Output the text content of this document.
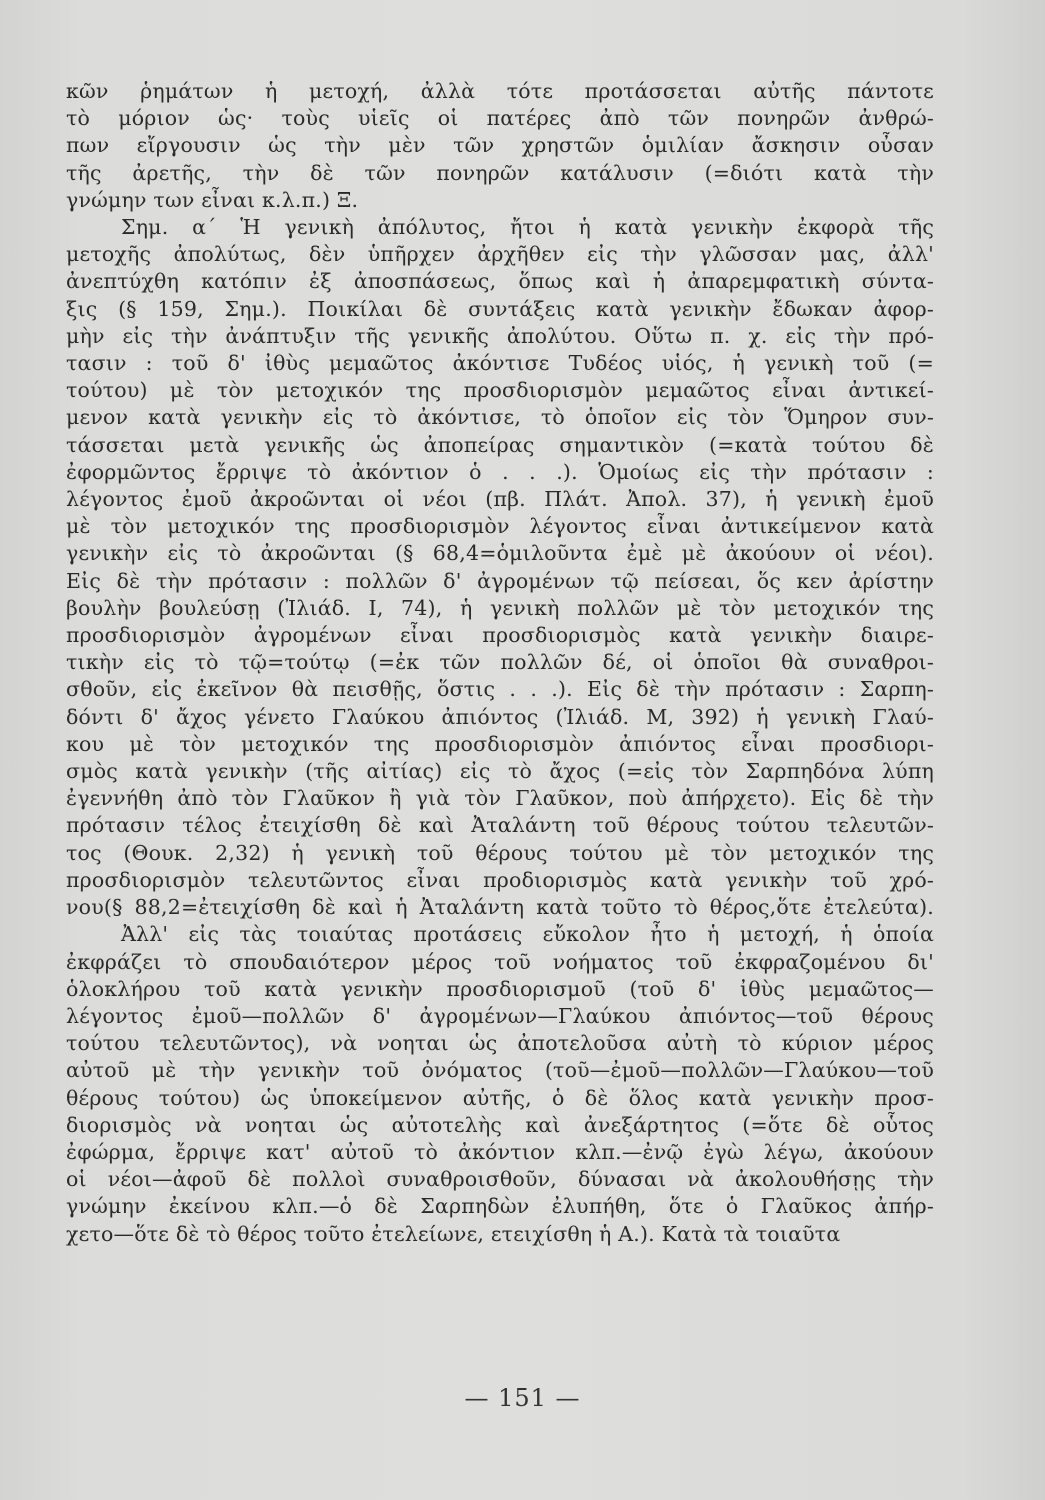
κῶν ῥημάτων ἡ μετοχή, ἀλλὰ τότε προτάσσεται αὐτῆς πάντοτε
τὸ μόριον ὡς· τοὺς υἱεῖς οἱ πατέρες ἀπὸ τῶν πονηρῶν ἀνθρώ-
πων εἴργουσιν ὡς τὴν μὲν τῶν χρηστῶν ὁμιλίαν ἄσκησιν οὖσαν
τῆς ἀρετῆς, τὴν δὲ τῶν πονηρῶν κατάλυσιν (=διότι κατὰ τὴν
γνώμην των εἶναι κ.λ.π.) Ξ.
Σημ. α΄ Ἡ γενικὴ ἀπόλυτος, ἤτοι ἡ κατὰ γενικὴν ἐκφορὰ τῆς
μετοχῆς ἀπολύτως, δὲν ὑπῆρχεν ἀρχῆθεν εἰς τὴν γλῶσσαν μας, ἀλλ'
ἀνεπτύχθη κατόπιν ἐξ ἀποσπάσεως, ὅπως καὶ ἡ ἀπαρεμφατικὴ σύντα-
ξις (§ 159, Σημ.). Ποικίλαι δὲ συντάξεις κατὰ γενικὴν ἔδωκαν ἀφορ-
μὴν εἰς τὴν ἀνάπτυξιν τῆς γενικῆς ἀπολύτου. Οὕτω π. χ. εἰς τὴν πρό-
τασιν : τοῦ δ' ἰθὺς μεμαῶτος ἀκόντισε Τυδέος υἱός, ἡ γενικὴ τοῦ (=
τούτου) μὲ τὸν μετοχικόν της προσδιορισμὸν μεμαῶτος εἶναι ἀντικεί-
μενον κατὰ γενικὴν εἰς τὸ ἀκόντισε, τὸ ὁποῖον εἰς τὸν Ὅμηρον συν-
τάσσεται μετὰ γενικῆς ὡς ἀποπείρας σημαντικὸν (=κατὰ τούτου δὲ
ἐφορμῶντος ἔρριψε τὸ ἀκόντιον ὁ . . .). Ὁμοίως εἰς τὴν πρότασιν :
λέγοντος ἐμοῦ ἀκροῶνται οἱ νέοι (πβ. Πλάτ. Ἀπολ. 37), ἡ γενικὴ ἐμοῦ
μὲ τὸν μετοχικόν της προσδιορισμὸν λέγοντος εἶναι ἀντικείμενον κατὰ
γενικὴν εἰς τὸ ἀκροῶνται (§ 68,4=ὁμιλοῦντα ἐμὲ μὲ ἀκούουν οἱ νέοι).
Εἰς δὲ τὴν πρότασιν : πολλῶν δ' ἀγρομένων τῷ πείσεαι, ὅς κεν ἀρίστην
βουλὴν βουλεύσῃ (Ἰλιάδ. Ι, 74), ἡ γενικὴ πολλῶν μὲ τὸν μετοχικόν της
προσδιορισμὸν ἀγρομένων εἶναι προσδιορισμὸς κατὰ γενικὴν διαιρε-
τικὴν εἰς τὸ τῷ=τούτῳ (=ἐκ τῶν πολλῶν δέ, οἱ ὁποῖοι θὰ συναθροι-
σθοῦν, εἰς ἐκεῖνον θὰ πεισθῇς, ὅστις . . .). Εἰς δὲ τὴν πρότασιν : Σαρπη-
δόντι δ' ἄχος γένετο Γλαύκου ἀπιόντος (Ἰλιάδ. Μ, 392) ἡ γενικὴ Γλαύ-
κου μὲ τὸν μετοχικόν της προσδιορισμὸν ἀπιόντος εἶναι προσδιορι-
σμὸς κατὰ γενικὴν (τῆς αἰτίας) εἰς τὸ ἄχος (=εἰς τὸν Σαρπηδόνα λύπη
ἐγεννήθη ἀπὸ τὸν Γλαῦκον ἢ γιὰ τὸν Γλαῦκον, ποὺ ἀπήρχετο). Εἰς δὲ τὴν
πρότασιν τέλος ἐτειχίσθη δὲ καὶ Ἀταλάντη τοῦ θέρους τούτου τελευτῶν-
τος (Θουκ. 2,32) ἡ γενικὴ τοῦ θέρους τούτου μὲ τὸν μετοχικόν της
προσδιορισμὸν τελευτῶντος εἶναι προδιορισμὸς κατὰ γενικὴν τοῦ χρό-
νου(§ 88,2=ἐτειχίσθη δὲ καὶ ἡ Ἀταλάντη κατὰ τοῦτο τὸ θέρος,ὅτε ἐτελεύτα).
Ἀλλ' εἰς τὰς τοιαύτας προτάσεις εὔκολον ἦτο ἡ μετοχή, ἡ ὁποία
ἐκφράζει τὸ σπουδαιότερον μέρος τοῦ νοήματος τοῦ ἐκφραζομένου δι'
ὁλοκλήρου τοῦ κατὰ γενικὴν προσδιορισμοῦ (τοῦ δ' ἰθὺς μεμαῶτος—
λέγοντος ἐμοῦ—πολλῶν δ' ἀγρομένων—Γλαύκου ἀπιόντος—τοῦ θέρους
τούτου τελευτῶντος), νὰ νοηται ὡς ἀποτελοῦσα αὐτὴ τὸ κύριον μέρος
αὐτοῦ μὲ τὴν γενικὴν τοῦ ὀνόματος (τοῦ—ἐμοῦ—πολλῶν—Γλαύκου—τοῦ
θέρους τούτου) ὡς ὑποκείμενον αὐτῆς, ὁ δὲ ὅλος κατὰ γενικὴν προσ-
διορισμὸς νὰ νοηται ὡς αὐτοτελὴς καὶ ἀνεξάρτητος (=ὅτε δὲ οὗτος
ἐφώρμα, ἔρριψε κατ' αὐτοῦ τὸ ἀκόντιον κλπ.—ἐνῷ ἐγὼ λέγω, ἀκούουν
οἱ νέοι—ἀφοῦ δὲ πολλοὶ συναθροισθοῦν, δύνασαι νὰ ἀκολουθήσῃς τὴν
γνώμην ἐκείνου κλπ.—ὁ δὲ Σαρπηδὼν ἐλυπήθη, ὅτε ὁ Γλαῦκος ἀπήρ-
χετο—ὅτε δὲ τὸ θέρος τοῦτο ἐτελείωνε, ετειχίσθη ἡ Α.). Κατὰ τὰ τοιαῦτα
— 151 —
